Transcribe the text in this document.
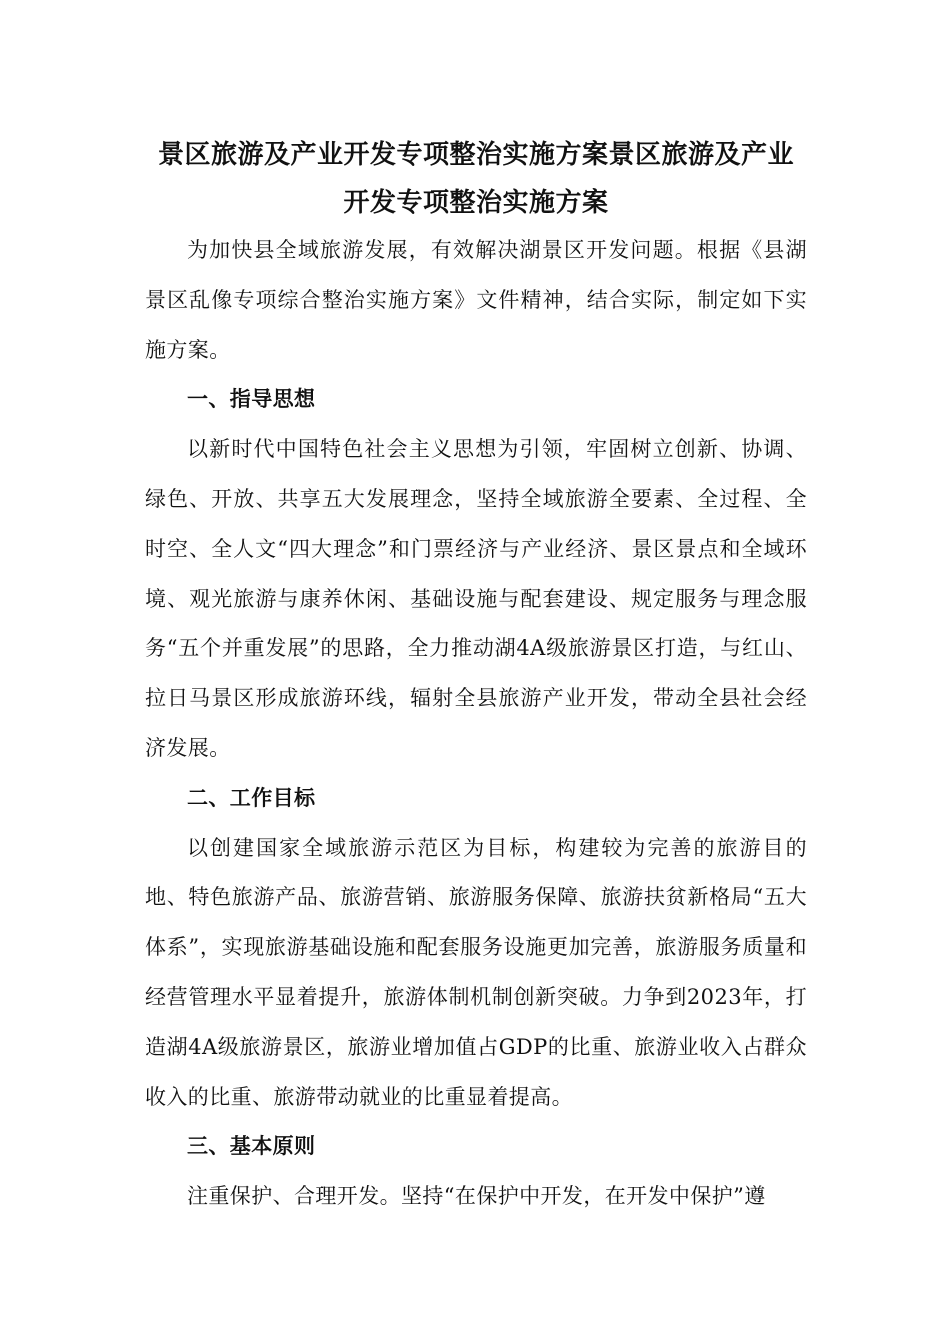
景区旅游及产业开发专项整治实施方案景区旅游及产业开发专项整治实施方案

为加快县全域旅游发展，有效解决湖景区开发问题。根据《县湖景区乱像专项综合整治实施方案》文件精神，结合实际，制定如下实施方案。

一、指导思想

以新时代中国特色社会主义思想为引领，牢固树立创新、协调、绿色、开放、共享五大发展理念，坚持全域旅游全要素、全过程、全时空、全人文“四大理念”和门票经济与产业经济、景区景点和全域环境、观光旅游与康养休闲、基础设施与配套建设、规定服务与理念服务“五个并重发展”的思路，全力推动湖4A级旅游景区打造，与红山、拉日马景区形成旅游环线，辐射全县旅游产业开发，带动全县社会经济发展。

二、工作目标

以创建国家全域旅游示范区为目标，构建较为完善的旅游目的地、特色旅游产品、旅游营销、旅游服务保障、旅游扶贫新格局“五大体系”，实现旅游基础设施和配套服务设施更加完善，旅游服务质量和经营管理水平显着提升，旅游体制机制创新突破。力争到2023年，打造湖4A级旅游景区，旅游业增加值占GDP的比重、旅游业收入占群众收入的比重、旅游带动就业的比重显着提高。

三、基本原则

注重保护、合理开发。坚持“在保护中开发，在开发中保护”遵
